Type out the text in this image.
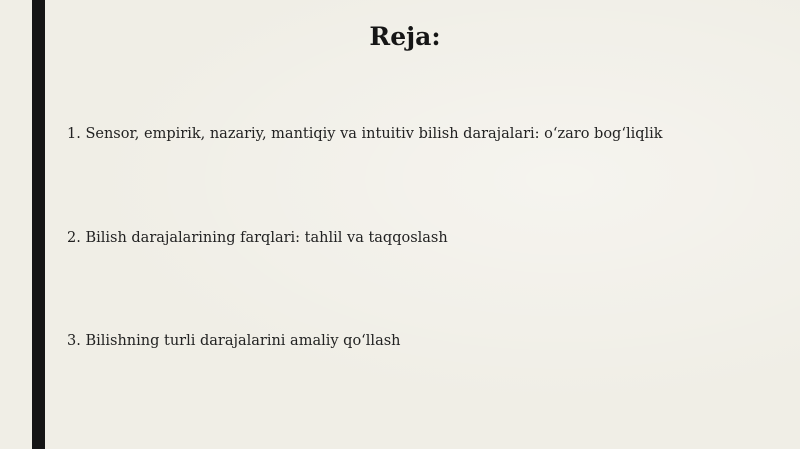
Reja:
1. Sensor, empirik, nazariy, mantiqiy va intuitiv bilish darajalari: o‘zaro bog‘liqlik
2. Bilish darajalarining farqlari: tahlil va taqqoslash
3. Bilishning turli darajalarini amaliy qo‘llash
